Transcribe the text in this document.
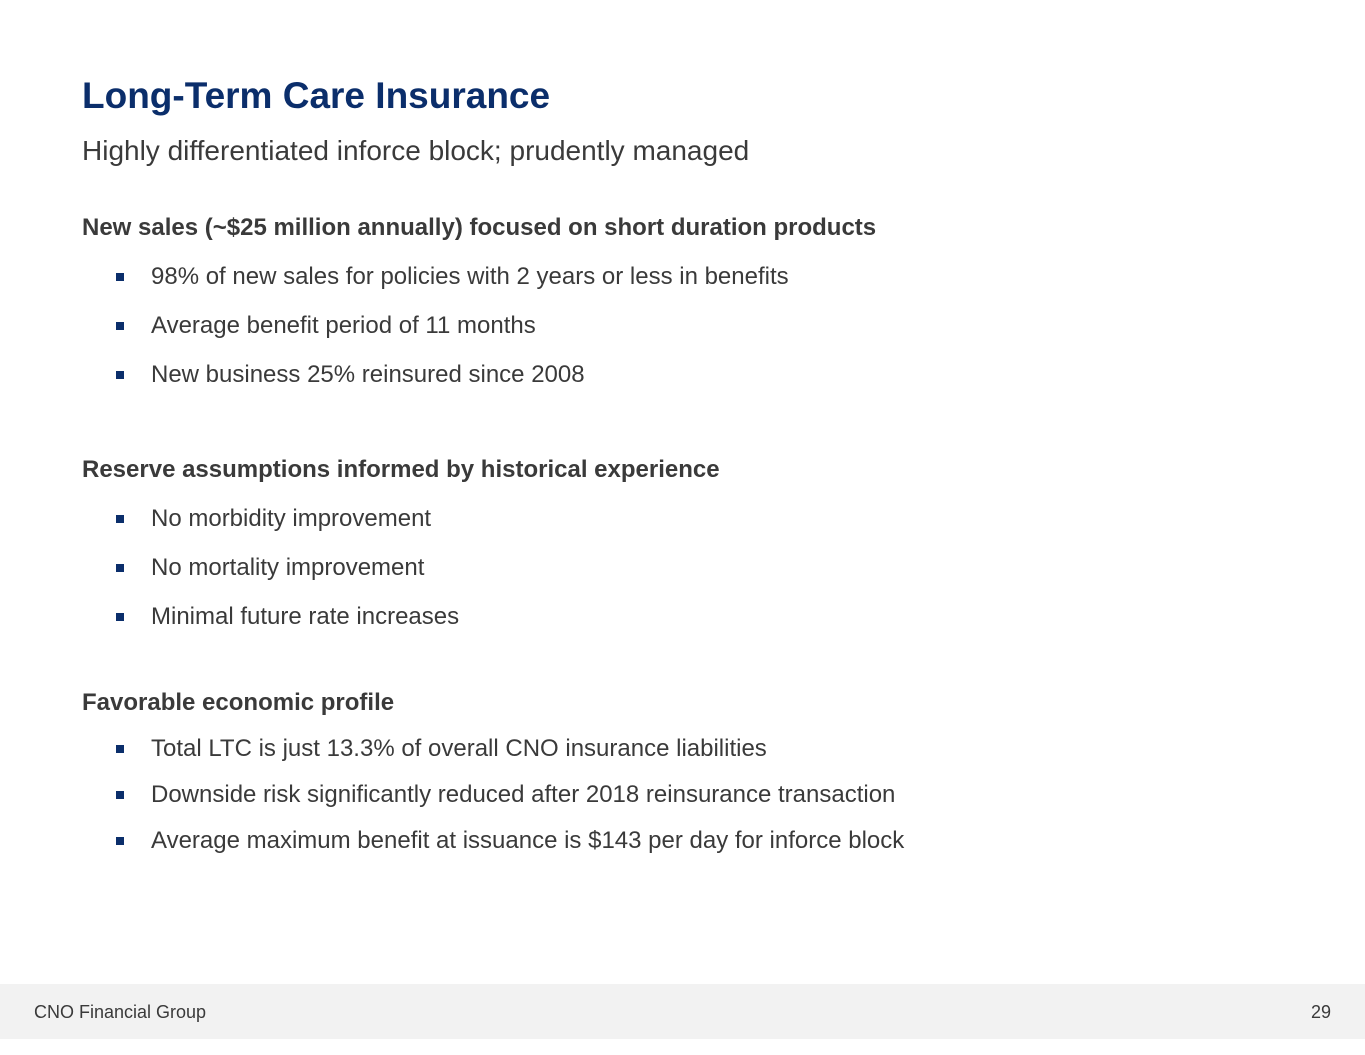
Long-Term Care Insurance
Highly differentiated inforce block; prudently managed
New sales (~$25 million annually) focused on short duration products
98% of new sales for policies with 2 years or less in benefits
Average benefit period of 11 months
New business 25% reinsured since 2008
Reserve assumptions informed by historical experience
No morbidity improvement
No mortality improvement
Minimal future rate increases
Favorable economic profile
Total LTC is just 13.3% of overall CNO insurance liabilities
Downside risk significantly reduced after 2018 reinsurance transaction
Average maximum benefit at issuance is $143 per day for inforce block
CNO Financial Group	29
